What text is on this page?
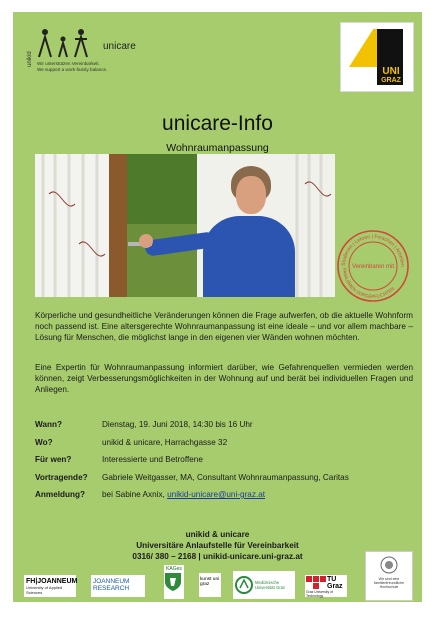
unikid
unicare
Wir unterstützen Vereinbarkeit.
We support a work-family balance.	UNI
GRAZ
unicare-Info
Wohnraumanpassung
Studieren | Lehren | Forschen | Arbeiten
Vereinbaren mit
FAMILIÄREN SORGEPFLICHTEN
Körperliche und gesundheitliche Veränderungen können die Frage aufwerfen, ob die aktuelle Wohnform noch passend ist. Eine altersgerechte Wohnraumanpassung ist eine ideale – und vor allem machbare – Lösung für Menschen, die möglichst lange in den eigenen vier Wänden wohnen möchten.
Eine Expertin für Wohnraumanpassung informiert darüber, wie Gefahrenquellen vermieden werden können, zeigt Verbesserungsmöglichkeiten in der Wohnung auf und berät bei individuellen Fragen und Anliegen.
Wann?	Dienstag, 19. Juni 2018, 14:30 bis 16 Uhr
Wo?	unikid & unicare, Harrachgasse 32
Für wen?	Interessierte und Betroffene
Vortragende? Gabriele Weitgasser, MA, Consultant Wohnraumanpassung, Caritas
Anmeldung? bei Sabine Axnix, unikid-unicare@uni-graz.at
unikid & unicare
Universitäre Anlaufstelle für Vereinbarkeit
0316/ 380 – 2168 | unikid-unicare.uni-graz.at
FH|JOANNEUM
University of Applied Sciences
JOANNEUM RESEARCH
KAGes
kunst uni graz	Medizinische Universität Graz
TU Graz
Graz University of Technology
Wir sind eine familienfreundliche Hochschule
